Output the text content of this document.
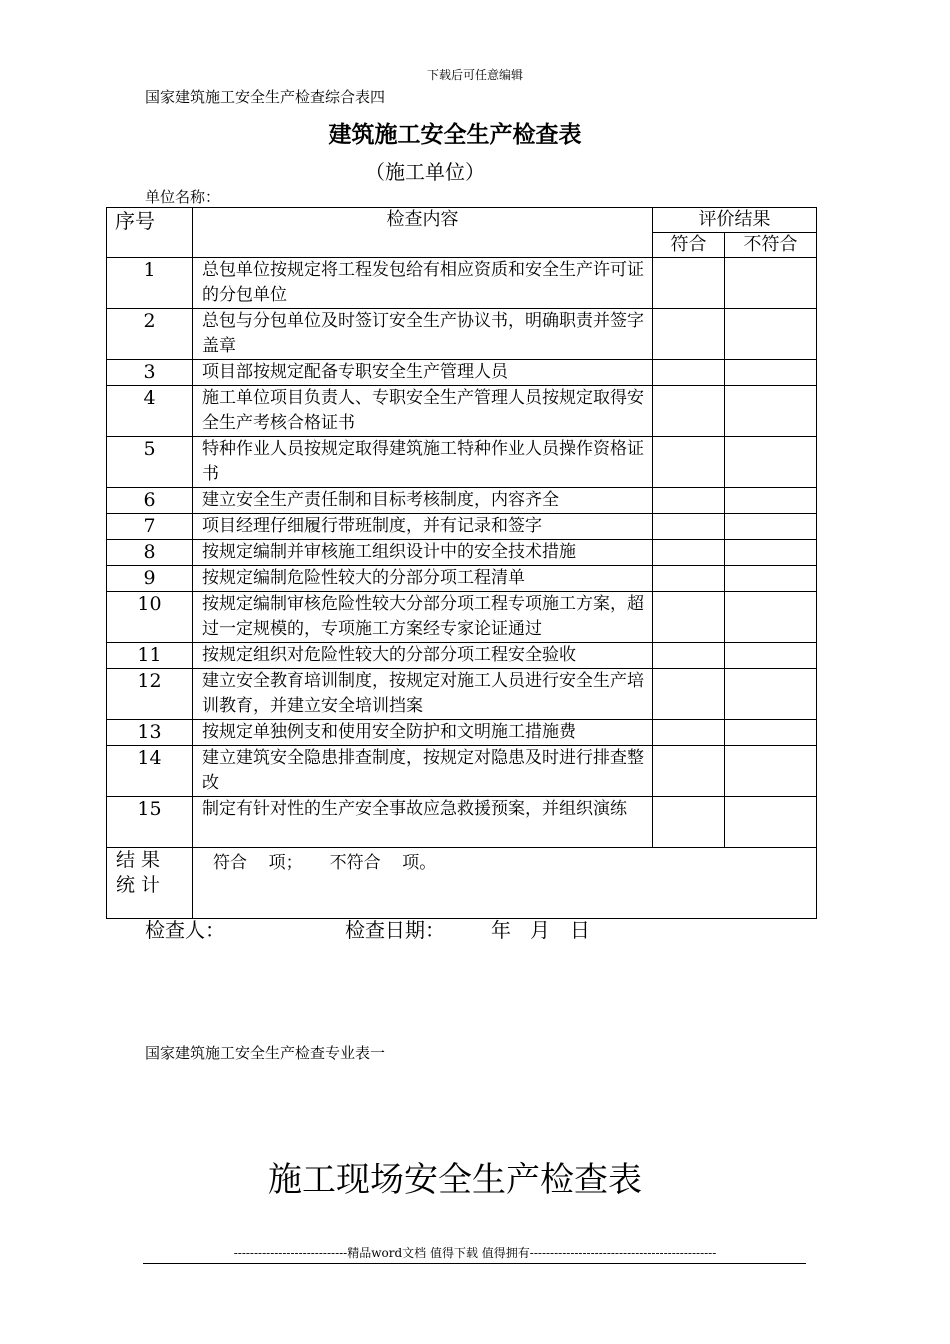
下载后可任意编辑
国家建筑施工安全生产检查综合表四
建筑施工安全生产检查表
（施工单位）
单位名称：
序号	检查内容	评价结果	
		符合	不符合
1	总包单位按规定将工程发包给有相应资质和安全生产许可证的分包单位		
2	总包与分包单位及时签订安全生产协议书，明确职责并签字盖章		
3	项目部按规定配备专职安全生产管理人员		
4	施工单位项目负责人、专职安全生产管理人员按规定取得安全生产考核合格证书		
5	特种作业人员按规定取得建筑施工特种作业人员操作资格证书		
6	建立安全生产责任制和目标考核制度，内容齐全		
7	项目经理仔细履行带班制度，并有记录和签字		
8	按规定编制并审核施工组织设计中的安全技术措施		
9	按规定编制危险性较大的分部分项工程清单		
10	按规定编制审核危险性较大分部分项工程专项施工方案，超过一定规模的，专项施工方案经专家论证通过		
11	按规定组织对危险性较大的分部分项工程安全验收		
12	建立安全教育培训制度，按规定对施工人员进行安全生产培训教育，并建立安全培训挡案		
13	按规定单独例支和使用安全防护和文明施工措施费		
14	建立建筑安全隐患排查制度，按规定对隐患及时进行排查整改		
15	制定有针对性的生产安全事故应急救援预案，并组织演练		

结果
统计	符合    项；     不符合    项。		
检查人：	检查日期： 年 月 日
国家建筑施工安全生产检查专业表一
施工现场安全生产检查表
----------------------------精品word文档 值得下载 值得拥有----------------------------------------------
